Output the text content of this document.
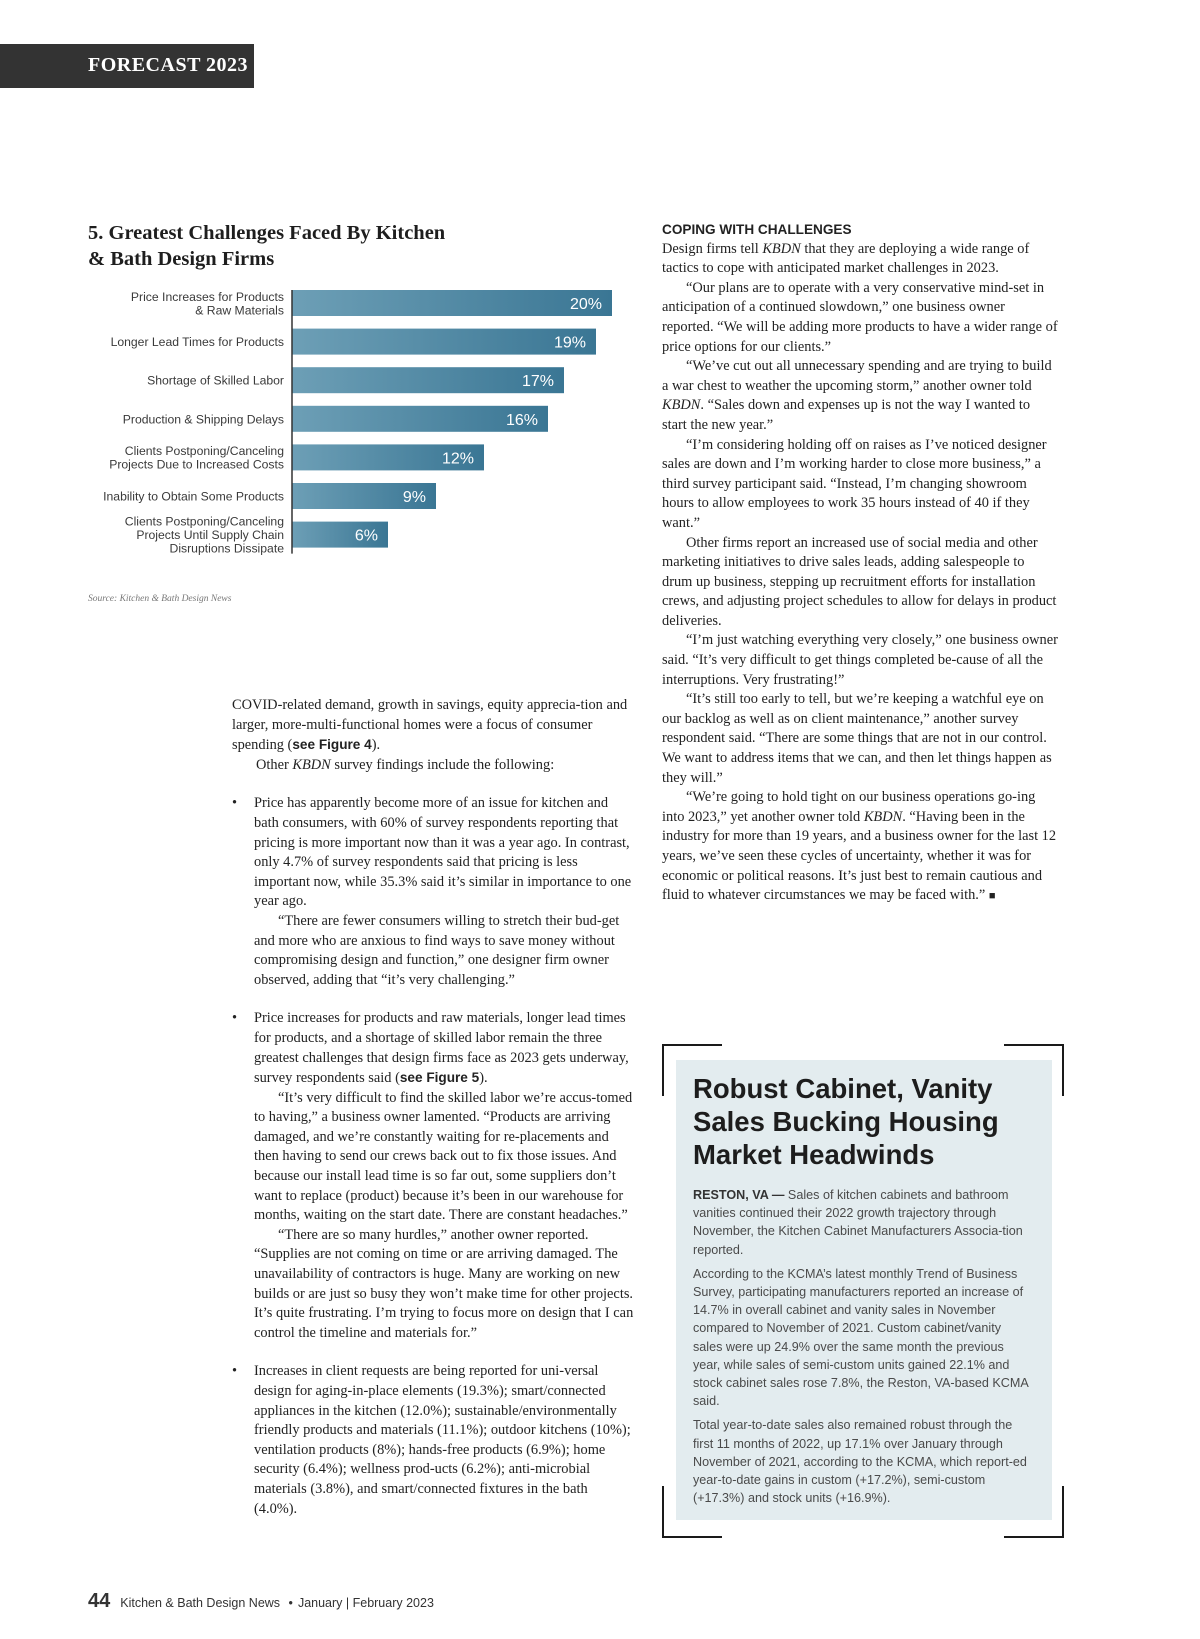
FORECAST 2023
5. Greatest Challenges Faced By Kitchen & Bath Design Firms
20%
Price Increases for Products & Raw Materials
19%
Longer Lead Times for Products
17%
Shortage of Skilled Labor
16%
Production & Shipping Delays
12%
Clients Postponing/Canceling Projects Due to Increased Costs
9%
Inability to Obtain Some Products
6%
Clients Postponing/Canceling Projects Until Supply Chain Disruptions Dissipate
Source: Kitchen & Bath Design News

COVID-related demand, growth in savings, equity apprecia-tion and larger, more-multi-functional homes were a focus of consumer spending (see Figure 4).

Other KBDN survey findings include the following:

•	Price has apparently become more of an issue for kitchen and bath consumers, with 60% of survey respondents reporting that pricing is more important now than it was a year ago. In contrast, only 4.7% of survey respondents said that pricing is less important now, while 35.3% said it’s similar in importance to one year ago.

“There are fewer consumers willing to stretch their bud-get and more who are anxious to find ways to save money without compromising design and function,” one designer firm owner observed, adding that “it’s very challenging.”

•	Price increases for products and raw materials, longer lead times for products, and a shortage of skilled labor remain the three greatest challenges that design firms face as 2023 gets underway, survey respondents said (see Figure 5).

“It’s very difficult to find the skilled labor we’re accus-tomed to having,” a business owner lamented. “Products are arriving damaged, and we’re constantly waiting for re-placements and then having to send our crews back out to fix those issues. And because our install lead time is so far out, some suppliers don’t want to replace (product) because it’s been in our warehouse for months, waiting on the start date. There are constant headaches.”

“There are so many hurdles,” another owner reported. “Supplies are not coming on time or are arriving damaged. The unavailability of contractors is huge. Many are working on new builds or are just so busy they won’t make time for other projects. It’s quite frustrating. I’m trying to focus more on design that I can control the timeline and materials for.”

•	Increases in client requests are being reported for uni-versal design for aging-in-place elements (19.3%); smart/connected appliances in the kitchen (12.0%); sustainable/environmentally friendly products and materials (11.1%); outdoor kitchens (10%); ventilation products (8%); hands-free products (6.9%); home security (6.4%); wellness prod-ucts (6.2%); anti-microbial materials (3.8%), and smart/connected fixtures in the bath (4.0%).

COPING WITH CHALLENGES

Design firms tell KBDN that they are deploying a wide range of tactics to cope with anticipated market challenges in 2023.

“Our plans are to operate with a very conservative mind-set in anticipation of a continued slowdown,” one business owner reported. “We will be adding more products to have a wider range of price options for our clients.”

“We’ve cut out all unnecessary spending and are trying to build a war chest to weather the upcoming storm,” another owner told KBDN. “Sales down and expenses up is not the way I wanted to start the new year.”

“I’m considering holding off on raises as I’ve noticed designer sales are down and I’m working harder to close more business,” a third survey participant said. “Instead, I’m changing showroom hours to allow employees to work 35 hours instead of 40 if they want.”

Other firms report an increased use of social media and other marketing initiatives to drive sales leads, adding salespeople to drum up business, stepping up recruitment efforts for installation crews, and adjusting project schedules to allow for delays in product deliveries.

“I’m just watching everything very closely,” one business owner said. “It’s very difficult to get things completed be-cause of all the interruptions. Very frustrating!”

“It’s still too early to tell, but we’re keeping a watchful eye on our backlog as well as on client maintenance,” another survey respondent said. “There are some things that are not in our control. We want to address items that we can, and then let things happen as they will.”

“We’re going to hold tight on our business operations go-ing into 2023,” yet another owner told KBDN. “Having been in the industry for more than 19 years, and a business owner for the last 12 years, we’ve seen these cycles of uncertainty, whether it was for economic or political reasons. It’s just best to remain cautious and fluid to whatever circumstances we may be faced with.” ■

Robust Cabinet, Vanity Sales Bucking Housing Market Headwinds

RESTON, VA — Sales of kitchen cabinets and bathroom vanities continued their 2022 growth trajectory through November, the Kitchen Cabinet Manufacturers Associa-tion reported.

According to the KCMA’s latest monthly Trend of Business Survey, participating manufacturers reported an increase of 14.7% in overall cabinet and vanity sales in November compared to November of 2021. Custom cabinet/vanity sales were up 24.9% over the same month the previous year, while sales of semi-custom units gained 22.1% and stock cabinet sales rose 7.8%, the Reston, VA-based KCMA said.

Total year-to-date sales also remained robust through the first 11 months of 2022, up 17.1% over January through November of 2021, according to the KCMA, which report-ed year-to-date gains in custom (+17.2%), semi-custom (+17.3%) and stock units (+16.9%).

44 Kitchen & Bath Design News • January | February 2023
